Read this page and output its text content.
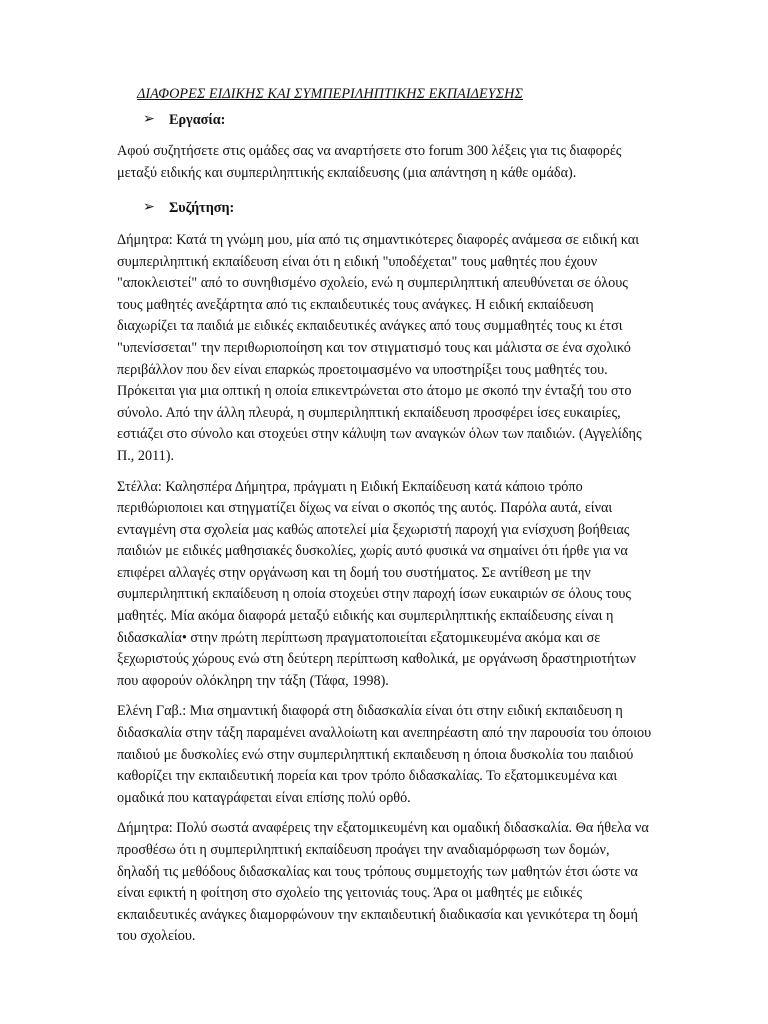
ΔΙΑΦΟΡΕΣ ΕΙΔΙΚΗΣ ΚΑΙ ΣΥΜΠΕΡΙΛΗΠΤΙΚΗΣ ΕΚΠΑΙΔΕΥΣΗΣ
➢	Εργασία:

Αφού συζητήσετε στις ομάδες σας να αναρτήσετε στο forum 300 λέξεις για τις διαφορές μεταξύ ειδικής και συμπεριληπτικής εκπαίδευσης (μια απάντηση η κάθε ομάδα).

➢	Συζήτηση:

Δήμητρα: Κατά τη γνώμη μου, μία από τις σημαντικότερες διαφορές ανάμεσα σε ειδική και συμπεριληπτική εκπαίδευση είναι ότι η ειδική "υποδέχεται" τους μαθητές που έχουν "αποκλειστεί" από το συνηθισμένο σχολείο, ενώ η συμπεριληπτική απευθύνεται σε όλους τους μαθητές ανεξάρτητα από τις εκπαιδευτικές τους ανάγκες. Η ειδική εκπαίδευση διαχωρίζει τα παιδιά με ειδικές εκπαιδευτικές ανάγκες από τους συμμαθητές τους κι έτσι "υπενίσσεται" την περιθωριοποίηση και τον στιγματισμό τους και μάλιστα σε ένα σχολικό περιβάλλον που δεν είναι επαρκώς προετοιμασμένο να υποστηρίξει τους μαθητές του. Πρόκειται για μια οπτική η οποία επικεντρώνεται στο άτομο με σκοπό την ένταξή του στο σύνολο. Από την άλλη πλευρά, η συμπεριληπτική εκπαίδευση προσφέρει ίσες ευκαιρίες, εστιάζει στο σύνολο και στοχεύει στην κάλυψη των αναγκών όλων των παιδιών. (Αγγελίδης Π., 2011).

Στέλλα: Καλησπέρα Δήμητρα, πράγματι η Ειδική Εκπαίδευση κατά κάποιο τρόπο περιθώριοποιει και στηγματίζει δίχως να είναι ο σκοπός της αυτός. Παρόλα αυτά, είναι ενταγμένη στα σχολεία μας καθώς αποτελεί μία ξεχωριστή παροχή για ενίσχυση βοήθειας παιδιών με ειδικές μαθησιακές δυσκολίες, χωρίς αυτό φυσικά να σημαίνει ότι ήρθε για να επιφέρει αλλαγές στην οργάνωση και τη δομή του συστήματος. Σε αντίθεση με την συμπεριληπτική εκπαίδευση η οποία στοχεύει στην παροχή ίσων ευκαιριών σε όλους τους μαθητές. Μία ακόμα διαφορά μεταξύ ειδικής και συμπεριληπτικής εκπαίδευσης είναι η διδασκαλία• στην πρώτη περίπτωση πραγματοποιείται εξατομικευμένα ακόμα και σε ξεχωριστούς χώρους ενώ στη δεύτερη περίπτωση καθολικά, με οργάνωση δραστηριοτήτων που αφορούν ολόκληρη την τάξη (Τάφα, 1998).

Ελένη Γαβ.: Μια σημαντική διαφορά στη διδασκαλία είναι ότι στην ειδική εκπαιδευση η διδασκαλία στην τάξη παραμένει αναλλοίωτη και ανεπηρέαστη από την παρουσία του όποιου παιδιού με δυσκολίες ενώ στην συμπεριληπτική εκπαιδευση η όποια δυσκολία του παιδιού καθορίζει την εκπαιδευτική πορεία και τρον τρόπο διδασκαλίας. Το εξατομικευμένα και ομαδικά που καταγράφεται είναι επίσης πολύ ορθό.

Δήμητρα: Πολύ σωστά αναφέρεις την εξατομικευμένη και ομαδική διδασκαλία. Θα ήθελα να προσθέσω ότι η συμπεριληπτική εκπαίδευση προάγει την αναδιαμόρφωση των δομών, δηλαδή τις μεθόδους διδασκαλίας και τους τρόπους συμμετοχής των μαθητών έτσι ώστε να είναι εφικτή η φοίτηση στο σχολείο της γειτονιάς τους. Άρα οι μαθητές με ειδικές εκπαιδευτικές ανάγκες διαμορφώνουν την εκπαιδευτική διαδικασία και γενικότερα τη δομή του σχολείου.
